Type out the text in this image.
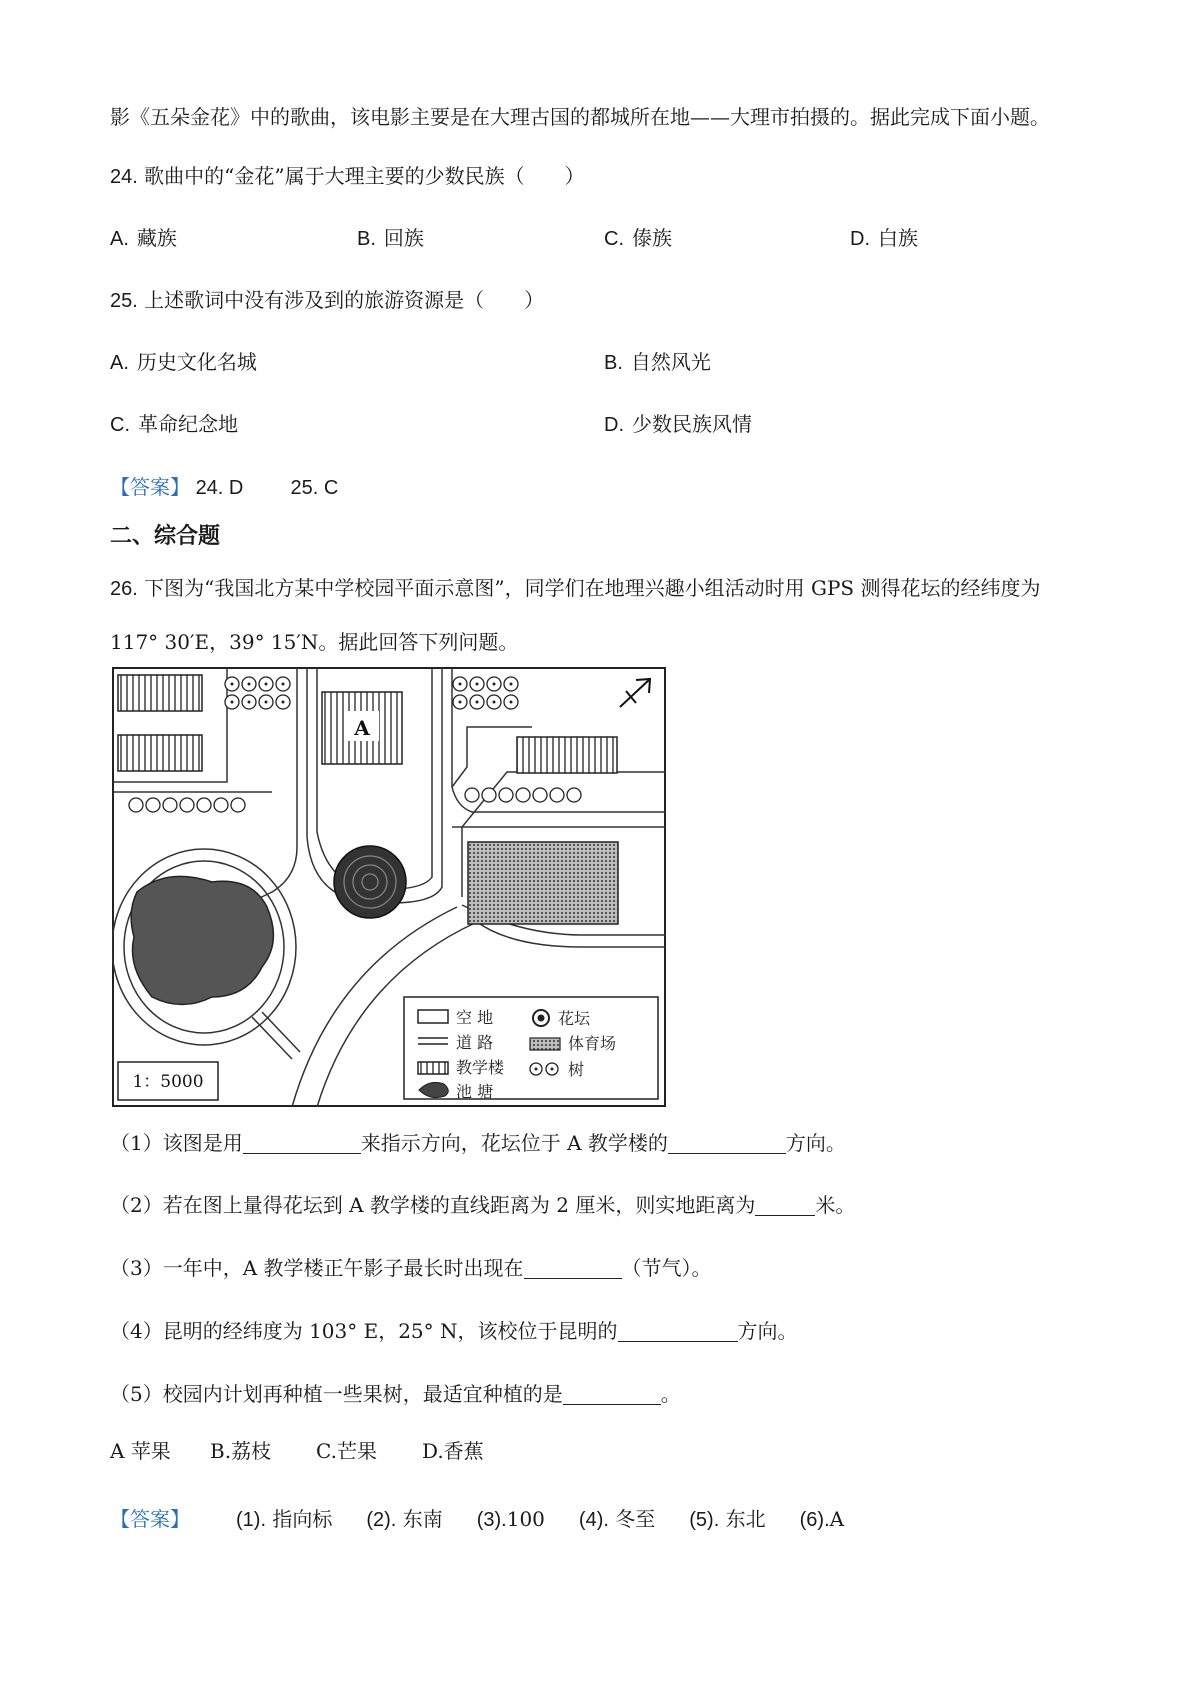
影《五朵金花》中的歌曲，该电影主要是在大理古国的都城所在地——大理市拍摄的。据此完成下面小题。
24. 歌曲中的“金花”属于大理主要的少数民族（　　）
A. 藏族	B. 回族	C. 傣族	D. 白族
25. 上述歌词中没有涉及到的旅游资源是（　　）
A. 历史文化名城	B. 自然风光
C. 革命纪念地	D. 少数民族风情
【答案】 24. D 25. C
二、综合题
26. 下图为“我国北方某中学校园平面示意图”，同学们在地理兴趣小组活动时用 GPS 测得花坛的经纬度为
117° 30′E，39° 15′N。据此回答下列问题。
A
空 地
道 路
教学楼
池 塘
花坛
体育场
树
1：5000
（1）该图是用	来指示方向，花坛位于 A 教学楼的	方向。
（2）若在图上量得花坛到 A 教学楼的直线距离为 2 厘米，则实地距离为	米。
（3）一年中，A 教学楼正午影子最长时出现在	（节气）。
（4）昆明的经纬度为 103° E，25° N，该校位于昆明的	方向。
（5）校园内计划再种植一些果树，最适宜种植的是	。
A 苹果 B.荔枝 C.芒果 D.香蕉
【答案】 (1). 指向标 (2). 东南 (3).100 (4). 冬至 (5). 东北 (6).A
